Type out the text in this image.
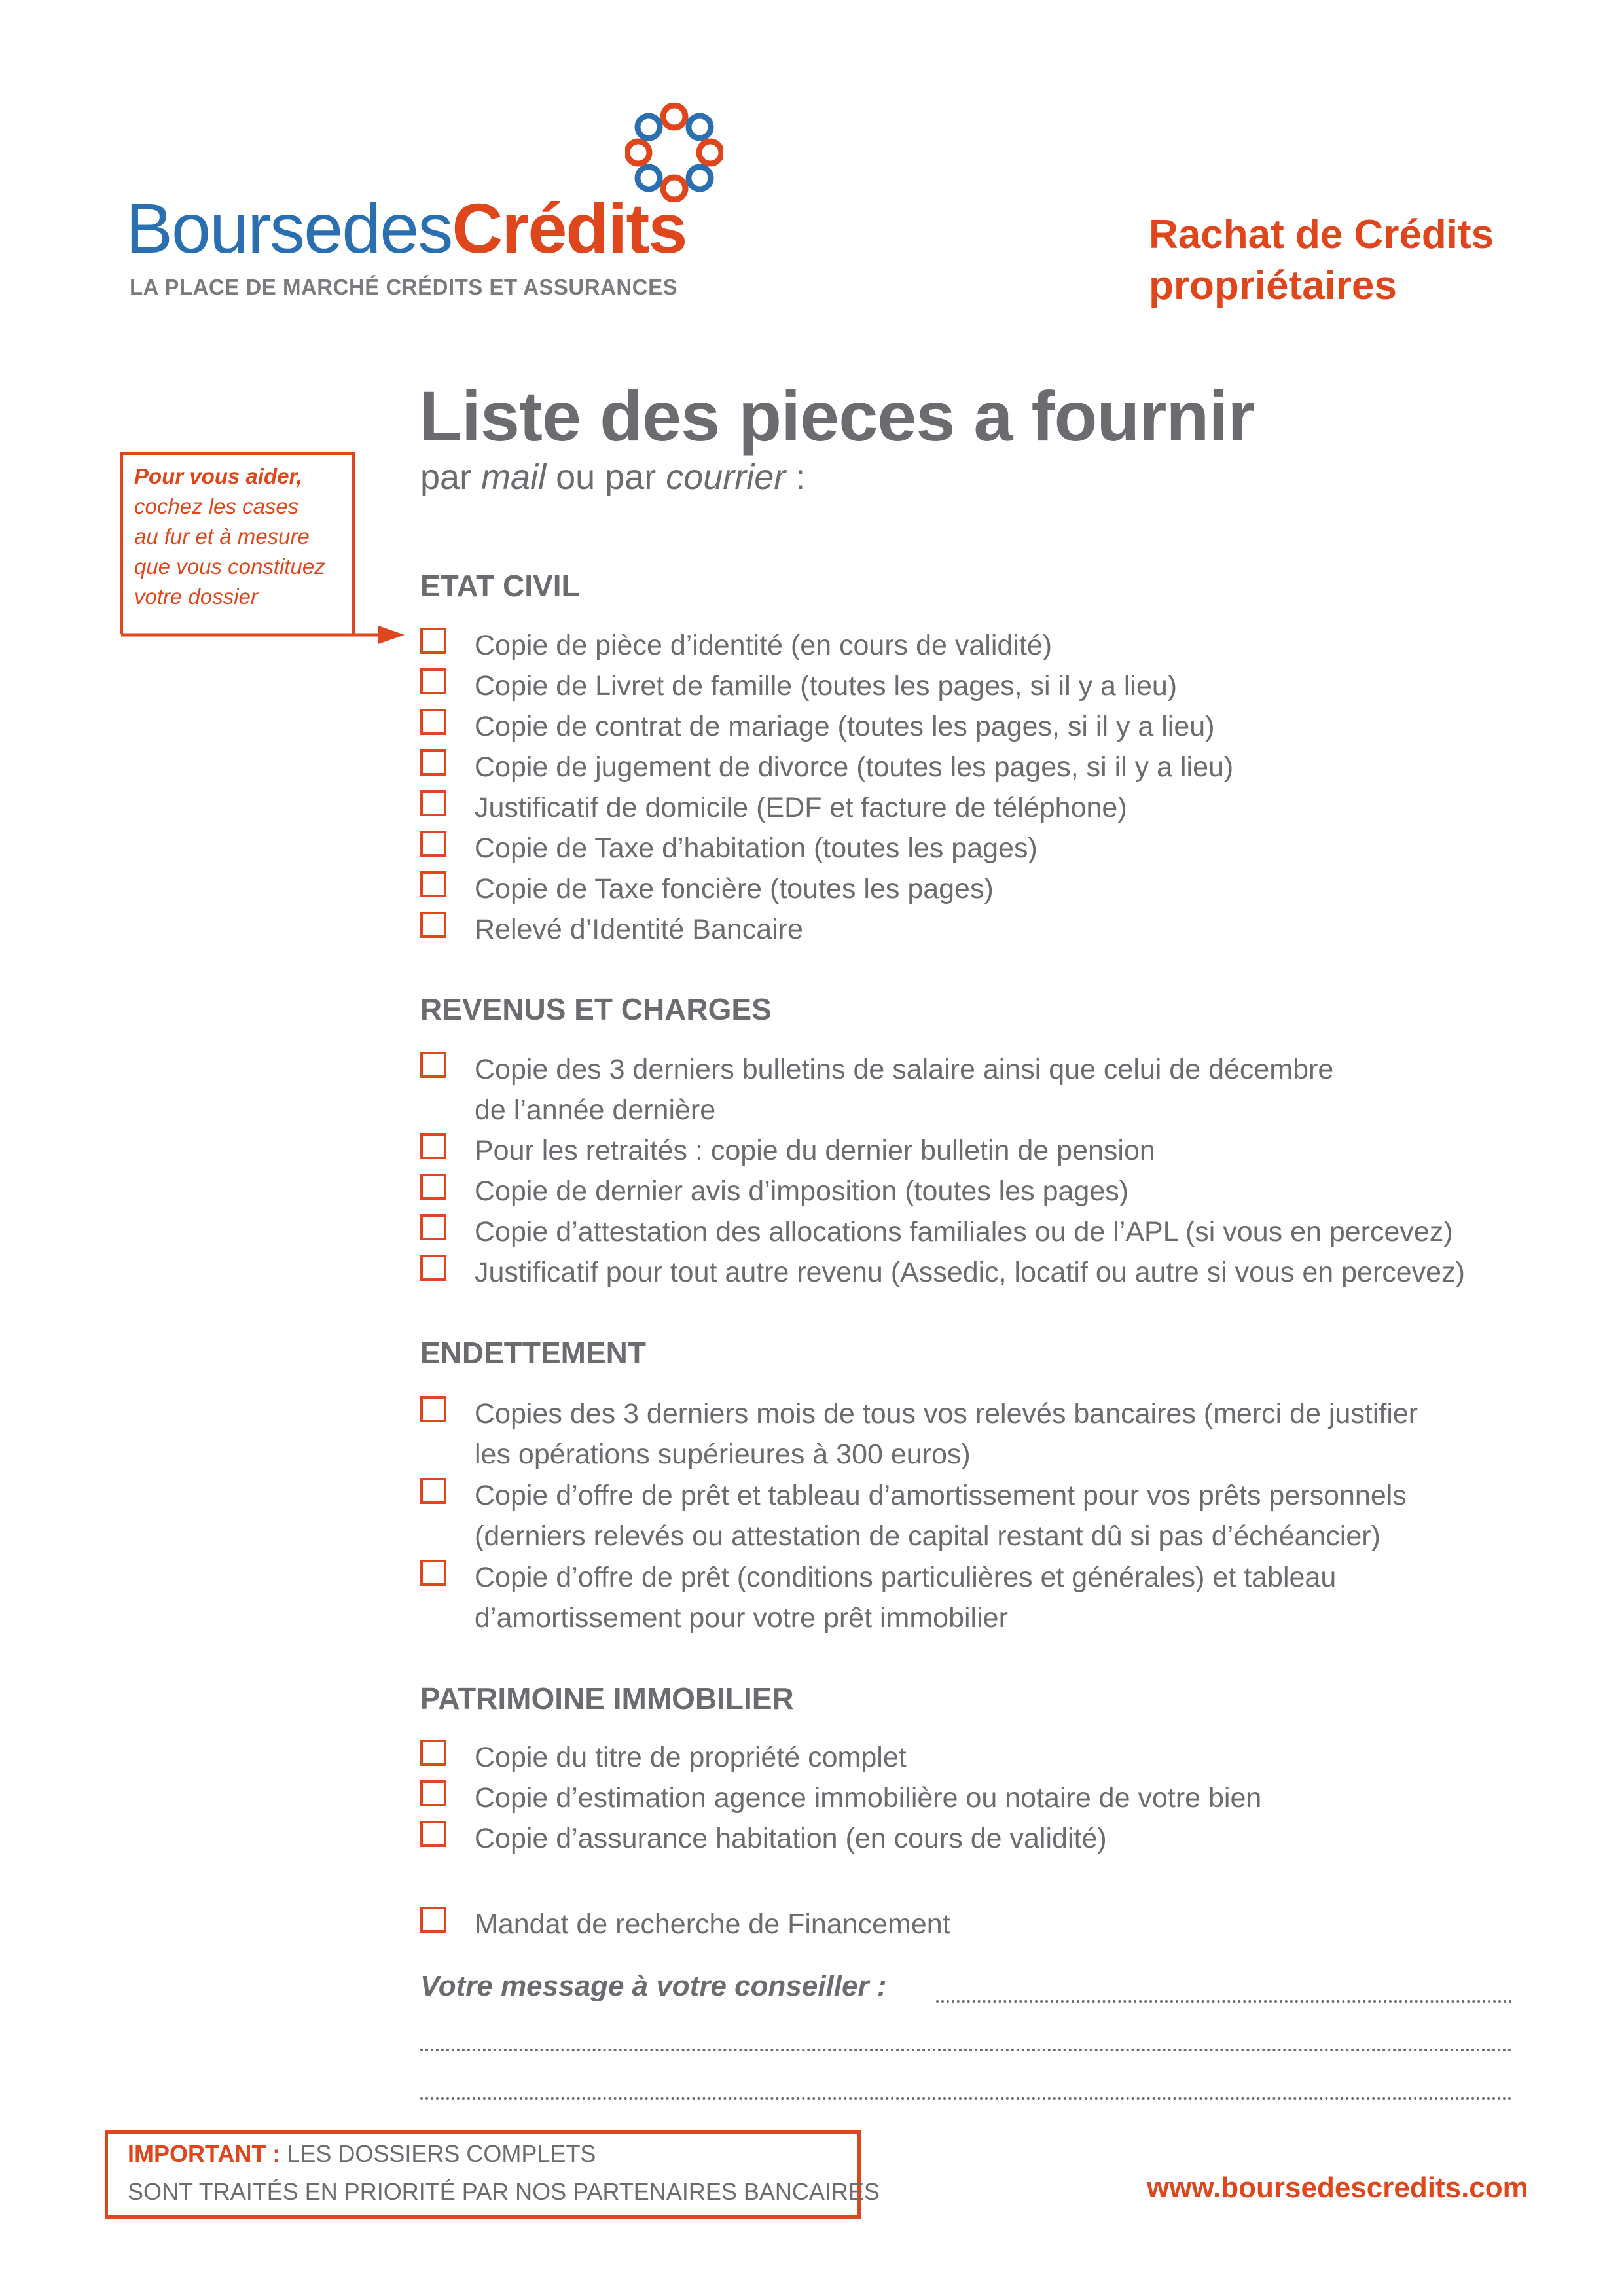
BoursedesCrédits
LA PLACE DE MARCHÉ CRÉDITS ET ASSURANCES
Rachat de Crédits
propriétaires
Liste des pieces a fournir
par mail ou par courrier :
Pour vous aider,
cochez les cases
au fur et à mesure
que vous constituez
votre dossier	ETAT CIVIL
Copie de pièce d’identité (en cours de validité)
Copie de Livret de famille (toutes les pages, si il y a lieu)
Copie de contrat de mariage (toutes les pages, si il y a lieu)
Copie de jugement de divorce (toutes les pages, si il y a lieu)
Justificatif de domicile (EDF et facture de téléphone)
Copie de Taxe d’habitation (toutes les pages)
Copie de Taxe foncière (toutes les pages)
Relevé d’Identité Bancaire
REVENUS ET CHARGES
Copie des 3 derniers bulletins de salaire ainsi que celui de décembre
de l’année dernière
Pour les retraités : copie du dernier bulletin de pension
Copie de dernier avis d’imposition (toutes les pages)
Copie d’attestation des allocations familiales ou de l’APL (si vous en percevez)
Justificatif pour tout autre revenu (Assedic, locatif ou autre si vous en percevez)
ENDETTEMENT
Copies des 3 derniers mois de tous vos relevés bancaires (merci de justifier
les opérations supérieures à 300 euros)
Copie d’offre de prêt et tableau d’amortissement pour vos prêts personnels
(derniers relevés ou attestation de capital restant dû si pas d’échéancier)
Copie d’offre de prêt (conditions particulières et générales) et tableau
d’amortissement pour votre prêt immobilier
PATRIMOINE IMMOBILIER
Copie du titre de propriété complet
Copie d’estimation agence immobilière ou notaire de votre bien
Copie d’assurance habitation (en cours de validité)
Mandat de recherche de Financement
Votre message à votre conseiller :
IMPORTANT : LES DOSSIERS COMPLETS
SONT TRAITÉS EN PRIORITÉ PAR NOS PARTENAIRES BANCAIRES	www.boursedescredits.com
